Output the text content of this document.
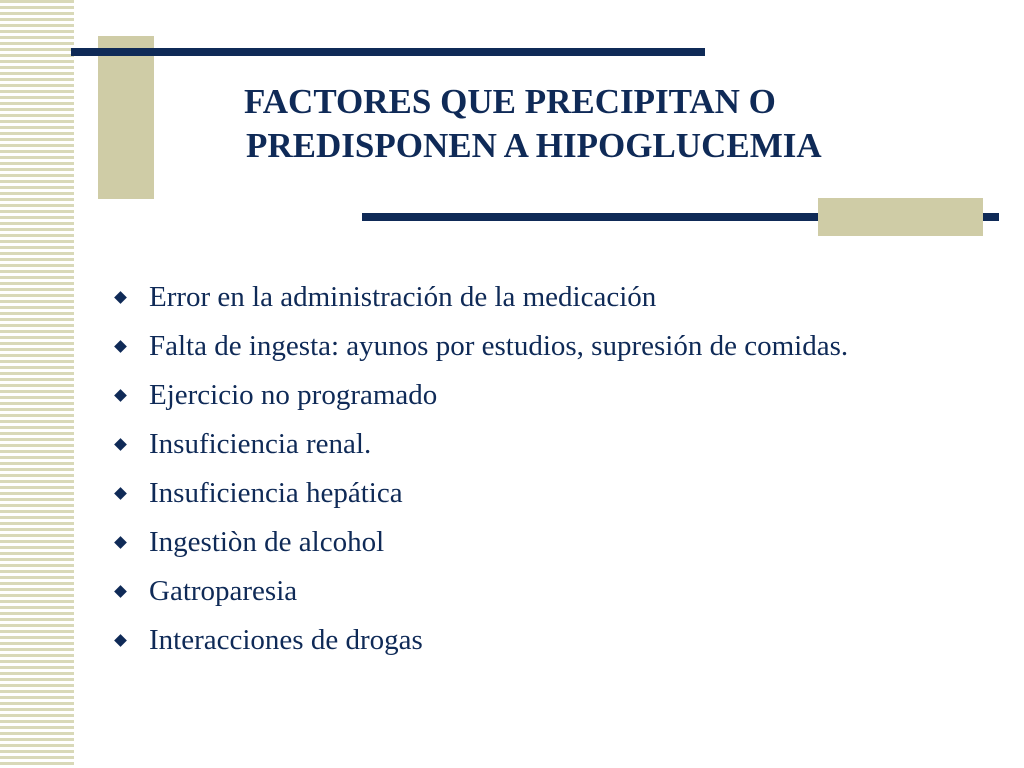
FACTORES QUE PRECIPITAN O
PREDISPONEN A HIPOGLUCEMIA
Error en la administración de la medicación
Falta de ingesta: ayunos por estudios, supresión de comidas.
Ejercicio no programado
Insuficiencia renal.
Insuficiencia hepática
Ingestiòn de alcohol
Gatroparesia
Interacciones de drogas
